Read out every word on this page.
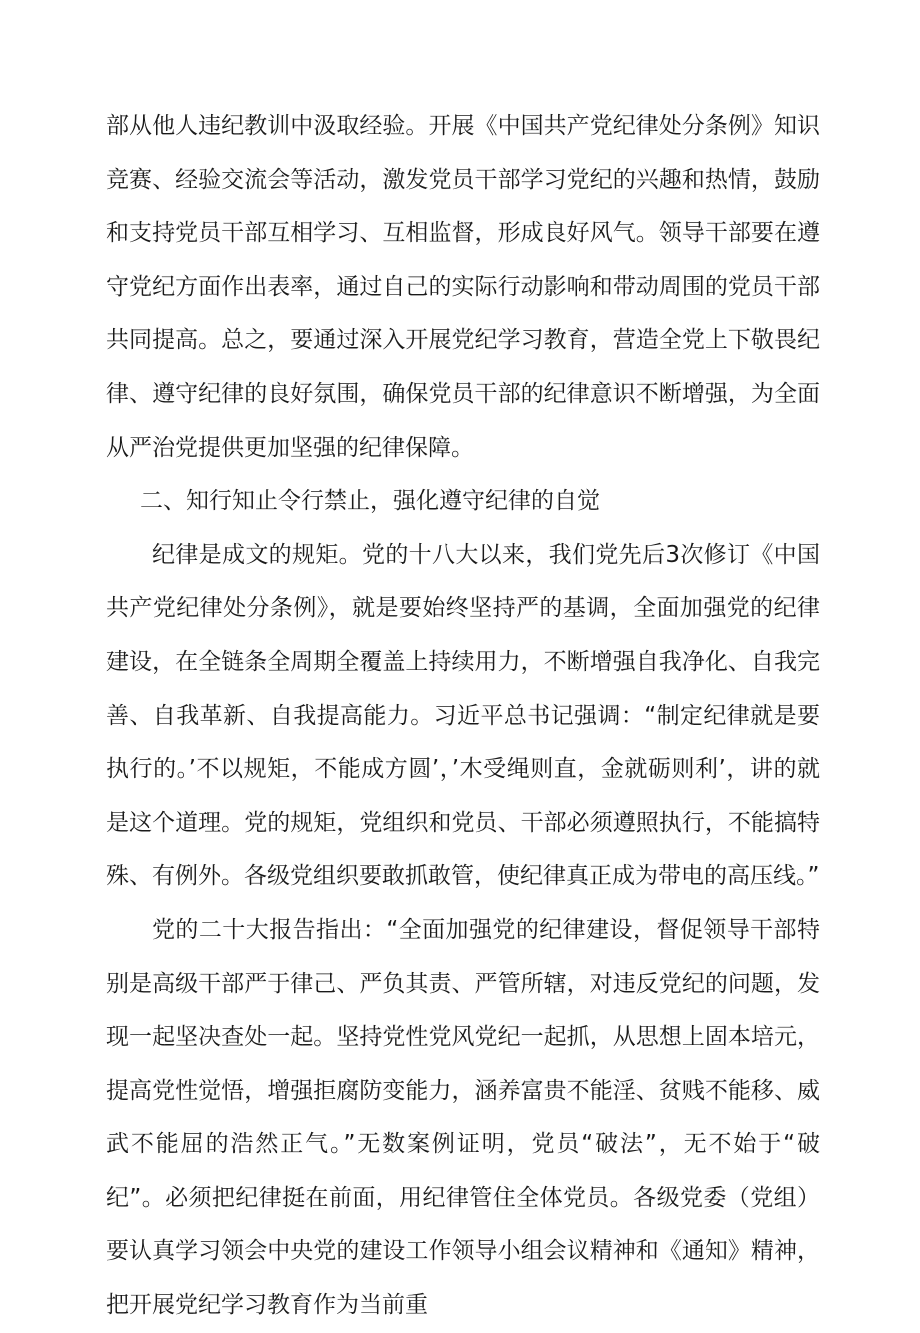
部从他人违纪教训中汲取经验。开展《中国共产党纪律处分条例》知识竞赛、经验交流会等活动，激发党员干部学习党纪的兴趣和热情，鼓励和支持党员干部互相学习、互相监督，形成良好风气。领导干部要在遵守党纪方面作出表率，通过自己的实际行动影响和带动周围的党员干部共同提高。总之，要通过深入开展党纪学习教育，营造全党上下敬畏纪律、遵守纪律的良好氛围，确保党员干部的纪律意识不断增强，为全面从严治党提供更加坚强的纪律保障。

二、知行知止令行禁止，强化遵守纪律的自觉

纪律是成文的规矩。党的十八大以来，我们党先后3次修订《中国共产党纪律处分条例》，就是要始终坚持严的基调，全面加强党的纪律建设，在全链条全周期全覆盖上持续用力，不断增强自我净化、自我完善、自我革新、自我提高能力。习近平总书记强调：“制定纪律就是要执行的。’不以规矩，不能成方圆’，’木受绳则直，金就砺则利’，讲的就是这个道理。党的规矩，党组织和党员、干部必须遵照执行，不能搞特殊、有例外。各级党组织要敢抓敢管，使纪律真正成为带电的高压线。”

党的二十大报告指出：“全面加强党的纪律建设，督促领导干部特别是高级干部严于律己、严负其责、严管所辖，对违反党纪的问题，发现一起坚决查处一起。坚持党性党风党纪一起抓，从思想上固本培元，提高党性觉悟，增强拒腐防变能力，涵养富贵不能淫、贫贱不能移、威武不能屈的浩然正气。”无数案例证明，党员“破法”，无不始于“破纪”。必须把纪律挺在前面，用纪律管住全体党员。各级党委（党组）要认真学习领会中央党的建设工作领导小组会议精神和《通知》精神，把开展党纪学习教育作为当前重
